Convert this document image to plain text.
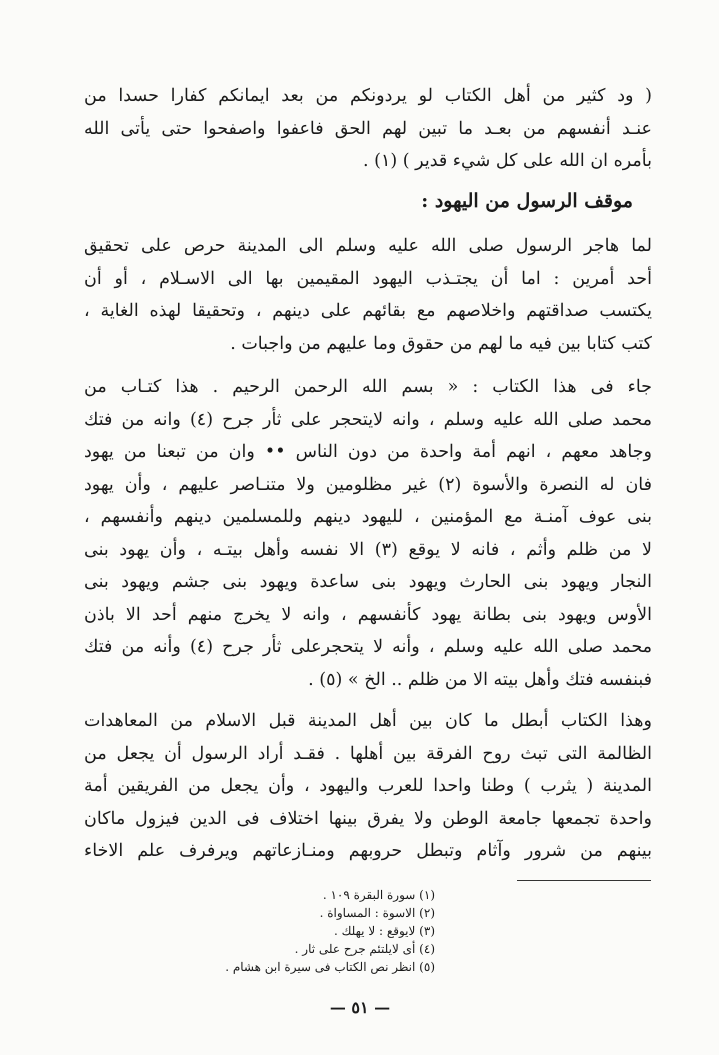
( ود كثير من أهل الكتاب لو يردونكم من بعد ايمانكم كفارا حسدا من
عنـد أنفسهم من بعـد ما تبين لهم الحق فاعفوا واصفحوا حتى يأتى الله
بأمره ان الله على كل شيء قدير ) (١) .
موقف الرسول من اليهود :
لما هاجر الرسول صلى الله عليه وسلم الى المدينة حرص على تحقيق
أحد أمرين : اما أن يجتـذب اليهود المقيمين بها الى الاسـلام ، أو أن
يكتسب صداقتهم واخلاصهم مع بقائهم على دينهم ، وتحقيقا لهذه الغاية ،
كتب كتابا بين فيه ما لهم من حقوق وما عليهم من واجبات .
جاء فى هذا الكتاب : « بسم الله الرحمن الرحيم . هذا كتـاب من
محمد صلى الله عليه وسلم ، وانه لايتحجر على ثأر جرح (٤) وانه من فتك
وجاهد معهم ، انهم أمة واحدة من دون الناس •• وان من تبعنا من يهود
فان له النصرة والأسوة (٢) غير مظلومين ولا متنـاصر عليهم ، وأن يهود
بنى عوف آمنـة مع المؤمنين ، لليهود دينهم وللمسلمين دينهم وأنفسهم ،
لا من ظلم وأثم ، فانه لا يوقع (٣) الا نفسه وأهل بيتـه ، وأن يهود بنى
النجار ويهود بنى الحارث ويهود بنى ساعدة ويهود بنى جشم ويهود بنى
الأوس ويهود بنى بطانة يهود كأنفسهم ، وانه لا يخرج منهم أحد الا باذن
محمد صلى الله عليه وسلم ، وأنه لا يتحجرعلى ثأر جرح (٤) وأنه من فتك
فبنفسه فتك وأهل بيته الا من ظلم .. الخ » (٥) .
وهذا الكتاب أبطل ما كان بين أهل المدينة قبل الاسلام من المعاهدات
الظالمة التى تبث روح الفرقة بين أهلها . فقـد أراد الرسول أن يجعل من
المدينة ( يثرب ) وطنا واحدا للعرب واليهود ، وأن يجعل من الفريقين أمة
واحدة تجمعها جامعة الوطن ولا يفرق بينها اختلاف فى الدين فيزول ماكان
بينهم من شرور وآثام وتبطل حروبهم ومنـازعاتهم ويرفرف علم الاخاء
(١) سورة البقرة ١٠٩ .
(٢) الاسوة : المساواة .
(٣) لايوقع : لا يهلك .
(٤) أى لايلتئم جرح على ثار .
(٥) انظر نص الكتاب فى سيرة ابن هشام .
— ٥١ —
